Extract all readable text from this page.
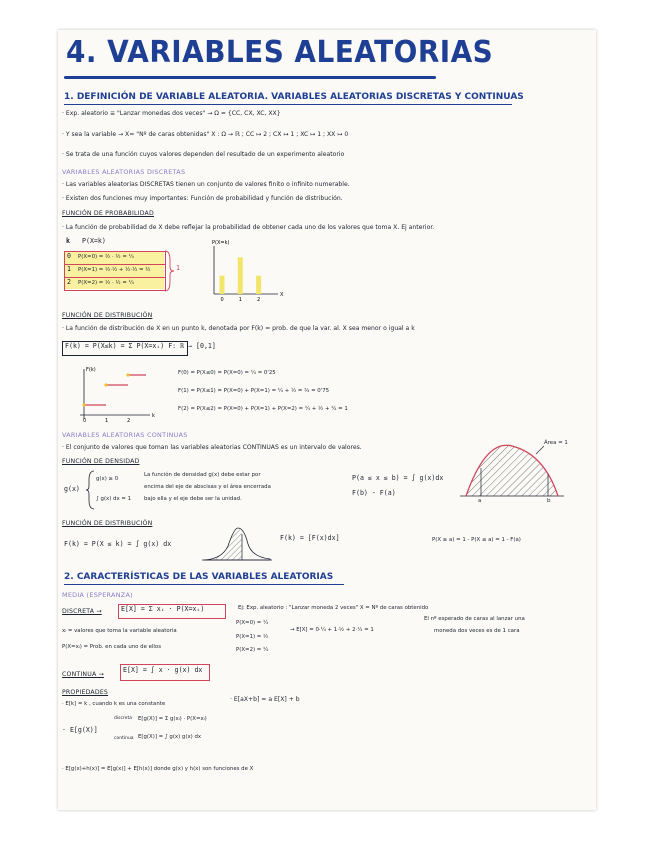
4. VARIABLES ALEATORIAS
1. DEFINICIÓN DE VARIABLE ALEATORIA. VARIABLES ALEATORIAS DISCRETAS Y CONTINUAS
· Exp. aleatorio ≡ "Lanzar monedas dos veces" → Ω = {CC, CX, XC, XX}
· Y sea la variable → X= "Nº de caras obtenidas" X : Ω → ℝ ; CC ↦ 2 ; CX ↦ 1 ; XC ↦ 1 ; XX ↦ 0
· Se trata de una función cuyos valores dependen del resultado de un experimento aleatorio
VARIABLES ALEATORIAS DISCRETAS
· Las variables aleatorias DISCRETAS tienen un conjunto de valores finito o infinito numerable.
· Existen dos funciones muy importantes: Función de probabilidad y función de distribución.
FUNCIÓN DE PROBABILIDAD
· La función de probabilidad de X debe reflejar la probabilidad de obtener cada uno de los valores que toma X. Ej anterior.
k P(X=k)
0 P(X=0) = ½ · ½ = ¼
1 P(X=1) = ½·½ + ½·½ = ½
2 P(X=2) = ½ · ½ = ¼
1
P(X=k)
X
0	1	2
FUNCIÓN DE DISTRIBUCIÓN
· La función de distribución de X en un punto k, denotada por F(k) = prob. de que la var. al. X sea menor o igual a k
F(k) = P(X≤k) = Σ P(X=xᵢ) F: ℝ → [0,1]
F(k)
k
0	1	2
F(0) = P(X≤0) = P(X=0) = ¼ = 0'25
F(1) = P(X≤1) = P(X=0) + P(X=1) = ¼ + ½ = ¾ = 0'75
F(2) = P(X≤2) = P(X=0) + P(X=1) + P(X=2) = ¼ + ½ + ¼ = 1
VARIABLES ALEATORIAS CONTINUAS
· El conjunto de valores que toman las variables aleatorias CONTINUAS es un intervalo de valores.
FUNCIÓN DE DENSIDAD
g(x)
g(x) ≥ 0
∫ g(x) dx = 1
La función de densidad g(x) debe estar por
encima del eje de abscisas y el área encerrada
bajo ella y el eje debe ser la unidad.
P(a ≤ x ≤ b) = ∫ g(x)dx
F(b) - F(a)
Área = 1
a	b
FUNCIÓN DE DISTRIBUCIÓN
F(k) = P(X ≤ k) = ∫ g(x) dx
F(k) = [F(x)dx]	P(X ≥ a) = 1 - P(X ≤ a) = 1 - F(a)
2. CARACTERÍSTICAS DE LAS VARIABLES ALEATORIAS
MEDIA (ESPERANZA)
DISCRETA →	E[X] = Σ xᵢ · P(X=xᵢ)
xᵢ = valores que toma la variable aleatoria
P(X=xᵢ) = Prob. en cada uno de ellos
Ej: Exp. aleatorio : "Lanzar moneda 2 veces" X = Nº de caras obtenido
P(X=0) = ¼
P(X=1) = ½
P(X=2) = ¼
→ E[X] = 0·¼ + 1·½ + 2·¼ = 1
El nº esperado de caras al lanzar una
moneda dos veces es de 1 cara
CONTINUA →
E[X] = ∫ x · g(x) dx
PROPIEDADES
· E[k] = k , cuando k es una constante
· E[aX+b] = a E[X] + b
· E[g(X)]
discreta
continua
E[g(X)] = Σ g(xᵢ) · P(X=xᵢ)
E[g(X)] = ∫ g(x) g(x) dx
· E[g(x)+h(x)] = E[g(x)] + E[h(x)] donde g(x) y h(x) son funciones de X
